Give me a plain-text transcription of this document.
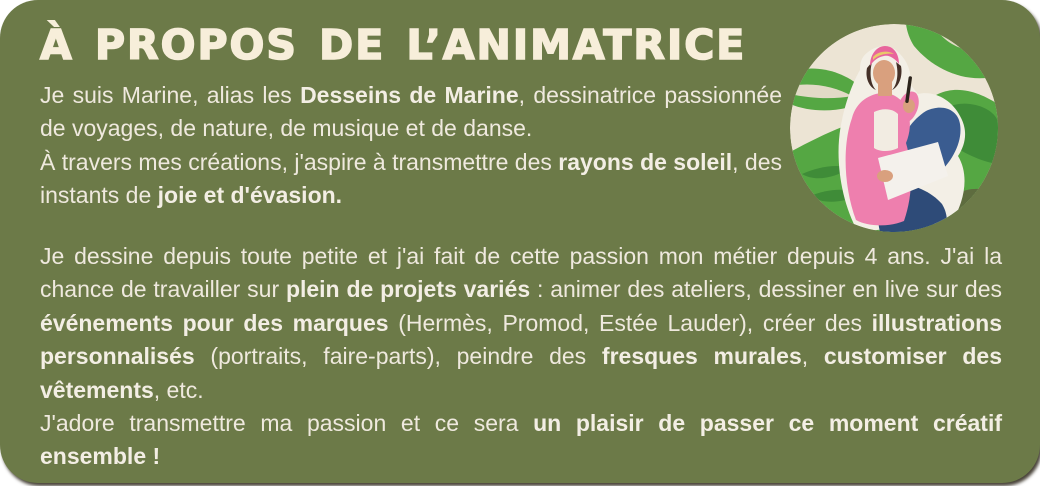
À PROPOS DE L’ANIMATRICE

Je suis Marine, alias les Desseins de Marine, dessinatrice passionnée de voyages, de nature, de musique et de danse.
À travers mes créations, j'aspire à transmettre des rayons de soleil, des instants de joie et d'évasion.

Je dessine depuis toute petite et j'ai fait de cette passion mon métier depuis 4 ans. J'ai la chance de travailler sur plein de projets variés : animer des ateliers, dessiner en live sur des événements pour des marques (Hermès, Promod, Estée Lauder), créer des illustrations personnalisés (portraits, faire-parts), peindre des fresques murales, customiser des vêtements, etc.
J'adore transmettre ma passion et ce sera un plaisir de passer ce moment créatif ensemble !
